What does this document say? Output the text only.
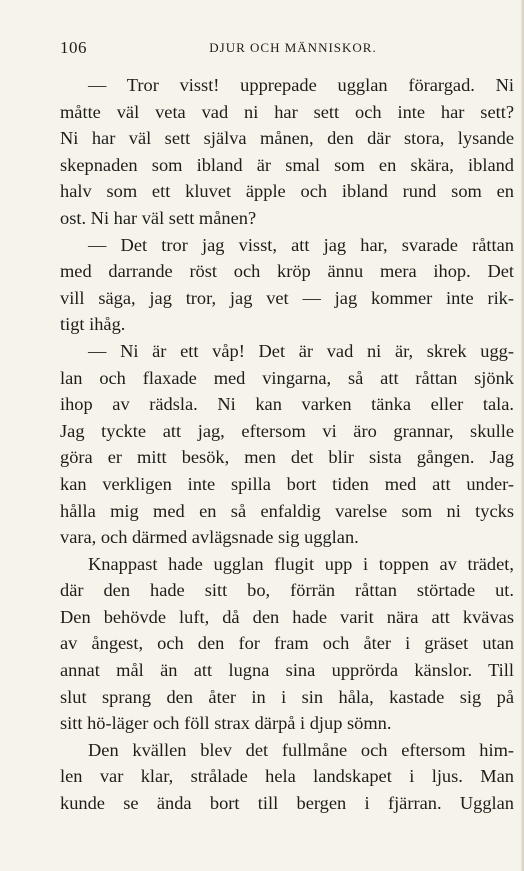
106	DJUR OCH MÄNNISKOR.
— Tror visst! upprepade ugglan förargad. Ni
måtte väl veta vad ni har sett och inte har sett?
Ni har väl sett själva månen, den där stora, lysande
skepnaden som ibland är smal som en skära, ibland
halv som ett kluvet äpple och ibland rund som en
ost. Ni har väl sett månen?
— Det tror jag visst, att jag har, svarade råttan
med darrande röst och kröp ännu mera ihop. Det
vill säga, jag tror, jag vet — jag kommer inte rik-
tigt ihåg.
— Ni är ett våp! Det är vad ni är, skrek ugg-
lan och flaxade med vingarna, så att råttan sjönk
ihop av rädsla. Ni kan varken tänka eller tala.
Jag tyckte att jag, eftersom vi äro grannar, skulle
göra er mitt besök, men det blir sista gången. Jag
kan verkligen inte spilla bort tiden med att under-
hålla mig med en så enfaldig varelse som ni tycks
vara, och därmed avlägsnade sig ugglan.
Knappast hade ugglan flugit upp i toppen av trädet,
där den hade sitt bo, förrän råttan störtade ut.
Den behövde luft, då den hade varit nära att kvävas
av ångest, och den for fram och åter i gräset utan
annat mål än att lugna sina upprörda känslor. Till
slut sprang den åter in i sin håla, kastade sig på
sitt hö-läger och föll strax därpå i djup sömn.
Den kvällen blev det fullmåne och eftersom him-
len var klar, strålade hela landskapet i ljus. Man
kunde se ända bort till bergen i fjärran. Ugglan
